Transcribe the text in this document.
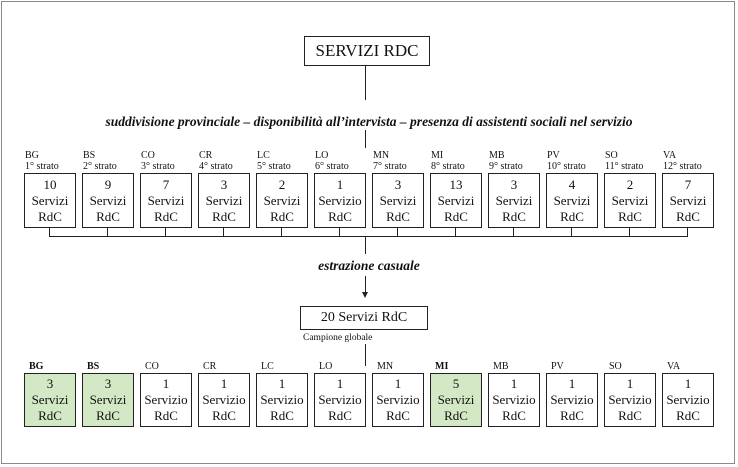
SERVIZI RDC
suddivisione provinciale – disponibilità all’intervista – presenza di assistenti sociali nel servizio
BG
1° strato
10
Servizi
RdC
BS
2° strato
9
Servizi
RdC
CO
3° strato
7
Servizi
RdC
CR
4° strato
3
Servizi
RdC
LC
5° strato
2
Servizi
RdC
LO
6° strato
1
Servizio
RdC
MN
7° strato
3
Servizi
RdC
MI
8° strato
13
Servizi
RdC
MB
9° strato
3
Servizi
RdC
PV
10° strato
4
Servizi
RdC
SO
11° strato
2
Servizi
RdC
VA
12° strato
7
Servizi
RdC
estrazione casuale
20 Servizi RdC
Campione globale
BG
3
Servizi
RdC
BS
3
Servizi
RdC
CO
1
Servizio
RdC
CR
1
Servizio
RdC
LC
1
Servizio
RdC
LO
1
Servizio
RdC
MN
1
Servizio
RdC
MI
5
Servizi
RdC
MB
1
Servizio
RdC
PV
1
Servizio
RdC
SO
1
Servizio
RdC
VA
1
Servizio
RdC
